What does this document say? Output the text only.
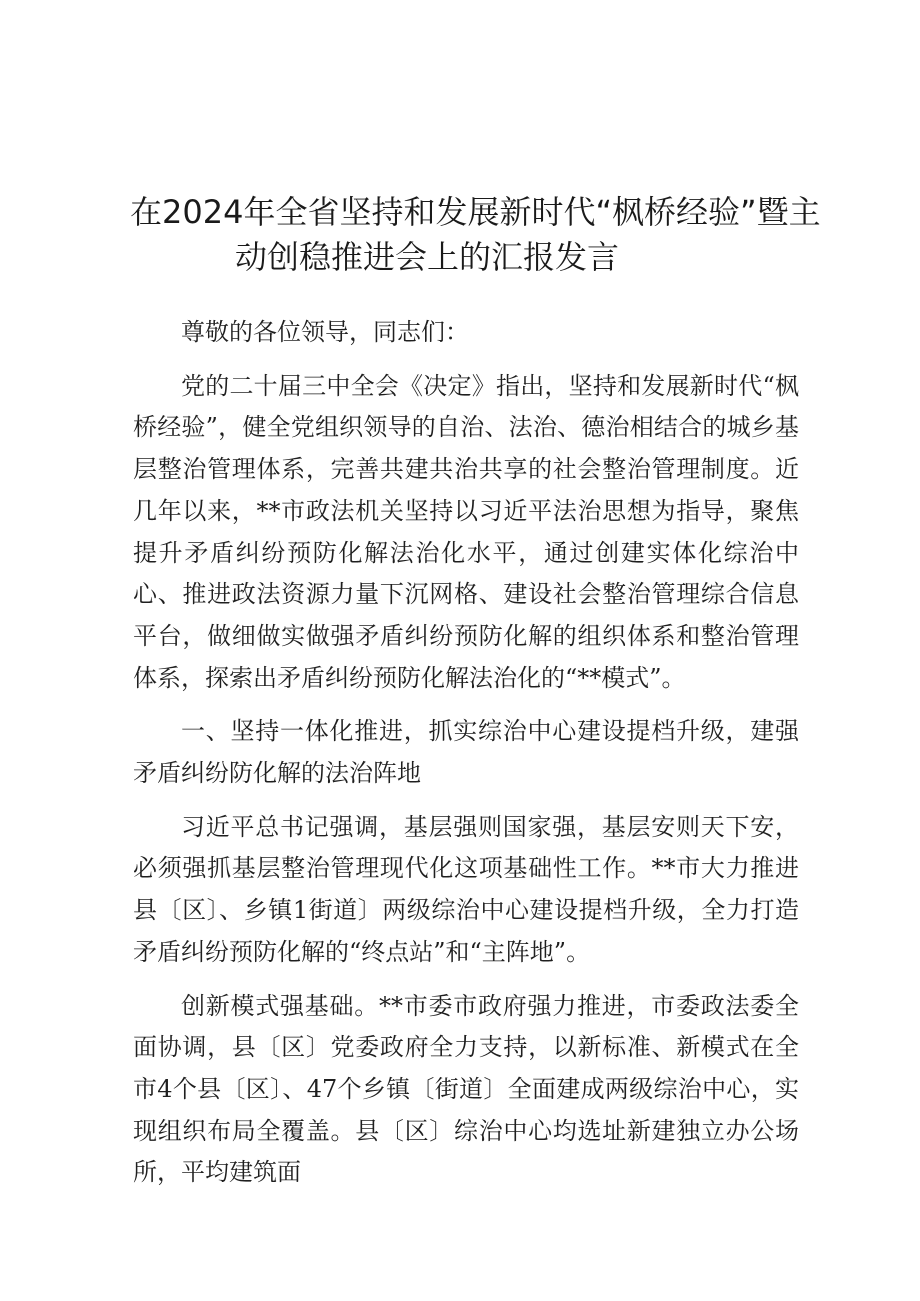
在2024年全省坚持和发展新时代“枫桥经验”暨主
动创稳推进会上的汇报发言

尊敬的各位领导，同志们：

党的二十届三中全会《决定》指出，坚持和发展新时代“枫桥经验”，健全党组织领导的自治、法治、德治相结合的城乡基层整治管理体系，完善共建共治共享的社会整治管理制度。近几年以来，**市政法机关坚持以习近平法治思想为指导，聚焦提升矛盾纠纷预防化解法治化水平，通过创建实体化综治中心、推进政法资源力量下沉网格、建设社会整治管理综合信息平台，做细做实做强矛盾纠纷预防化解的组织体系和整治管理体系，探索出矛盾纠纷预防化解法治化的“**模式”。

一、坚持一体化推进，抓实综治中心建设提档升级，建强矛盾纠纷防化解的法治阵地

习近平总书记强调，基层强则国家强，基层安则天下安，必须强抓基层整治管理现代化这项基础性工作。**市大力推进县〔区〕、乡镇1街道〕两级综治中心建设提档升级，全力打造矛盾纠纷预防化解的“终点站”和“主阵地”。

创新模式强基础。**市委市政府强力推进，市委政法委全面协调，县〔区〕党委政府全力支持，以新标准、新模式在全市4个县〔区〕、47个乡镇〔街道〕全面建成两级综治中心，实现组织布局全覆盖。县〔区〕综治中心均选址新建独立办公场所，平均建筑面
